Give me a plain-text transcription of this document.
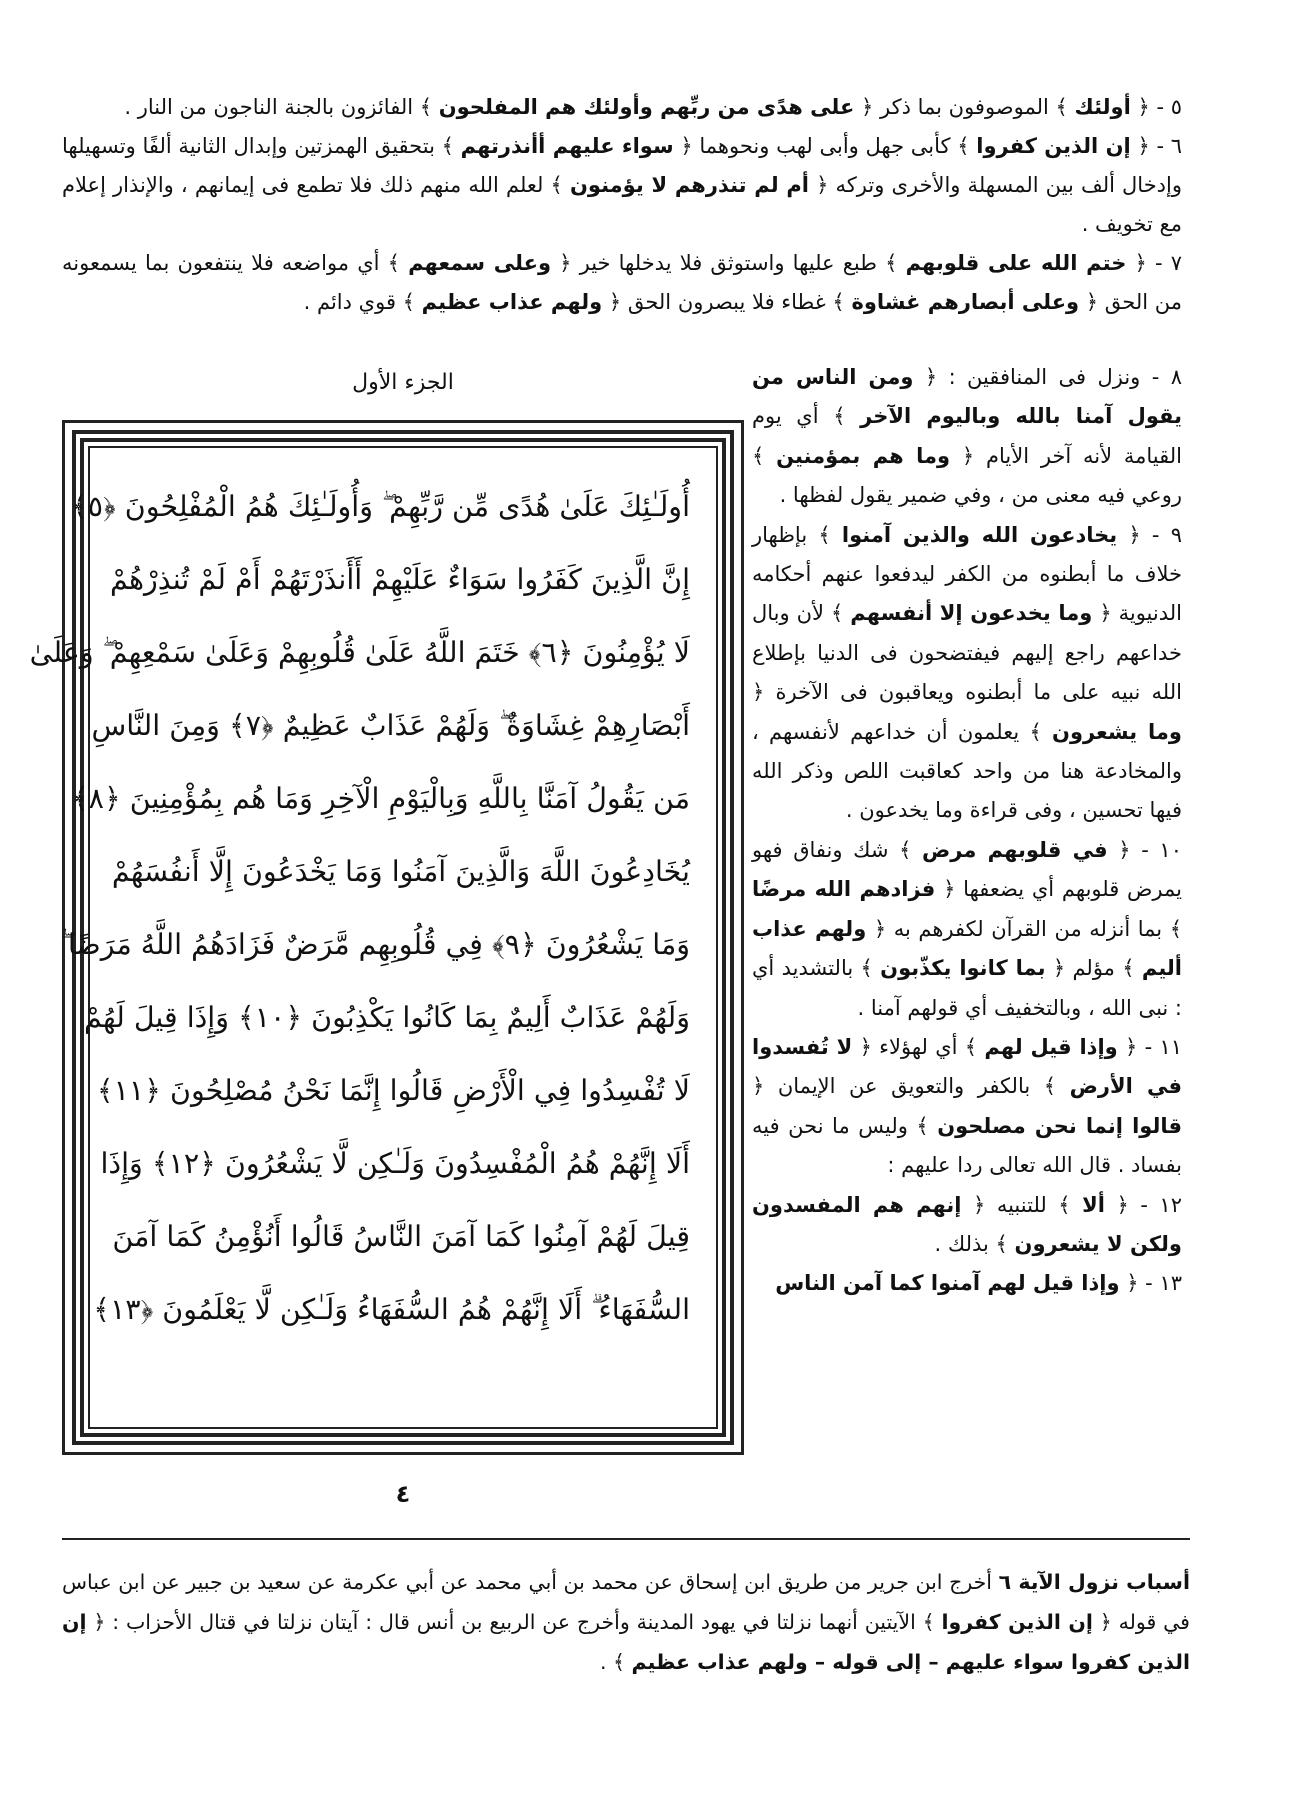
٥ - ﴿ أولئك ﴾ الموصوفون بما ذكر ﴿ على هدًى من ربِّهم وأولئك هم المفلحون ﴾ الفائزون بالجنة الناجون من النار .

٦ - ﴿ إن الذين كفروا ﴾ كأبى جهل وأبى لهب ونحوهما ﴿ سواء عليهم أأنذرتهم ﴾ بتحقيق الهمزتين وإبدال الثانية ألفًا وتسهيلها وإدخال ألف بين المسهلة والأخرى وتركه ﴿ أم لم تنذرهم لا يؤمنون ﴾ لعلم الله منهم ذلك فلا تطمع فى إيمانهم ، والإنذار إعلام مع تخويف .

٧ - ﴿ ختم الله على قلوبهم ﴾ طبع عليها واستوثق فلا يدخلها خير ﴿ وعلى سمعهم ﴾ أي مواضعه فلا ينتفعون بما يسمعونه من الحق ﴿ وعلى أبصارهم غشاوة ﴾ غطاء فلا يبصرون الحق ﴿ ولهم عذاب عظيم ﴾ قوي دائم .

الجزء الأول
أُولَـٰئِكَ عَلَىٰ هُدًى مِّن رَّبِّهِمْ ۖ وَأُولَـٰئِكَ هُمُ الْمُفْلِحُونَ ﴿٥﴾
إِنَّ الَّذِينَ كَفَرُوا سَوَاءٌ عَلَيْهِمْ أَأَنذَرْتَهُمْ أَمْ لَمْ تُنذِرْهُمْ
لَا يُؤْمِنُونَ ﴿٦﴾ خَتَمَ اللَّهُ عَلَىٰ قُلُوبِهِمْ وَعَلَىٰ سَمْعِهِمْ ۖ وَعَلَىٰ
أَبْصَارِهِمْ غِشَاوَةٌ ۖ وَلَهُمْ عَذَابٌ عَظِيمٌ ﴿٧﴾ وَمِنَ النَّاسِ
مَن يَقُولُ آمَنَّا بِاللَّهِ وَبِالْيَوْمِ الْآخِرِ وَمَا هُم بِمُؤْمِنِينَ ﴿٨﴾
يُخَادِعُونَ اللَّهَ وَالَّذِينَ آمَنُوا وَمَا يَخْدَعُونَ إِلَّا أَنفُسَهُمْ
وَمَا يَشْعُرُونَ ﴿٩﴾ فِي قُلُوبِهِم مَّرَضٌ فَزَادَهُمُ اللَّهُ مَرَضًا ۖ
وَلَهُمْ عَذَابٌ أَلِيمٌ بِمَا كَانُوا يَكْذِبُونَ ﴿١٠﴾ وَإِذَا قِيلَ لَهُمْ
لَا تُفْسِدُوا فِي الْأَرْضِ قَالُوا إِنَّمَا نَحْنُ مُصْلِحُونَ ﴿١١﴾
أَلَا إِنَّهُمْ هُمُ الْمُفْسِدُونَ وَلَـٰكِن لَّا يَشْعُرُونَ ﴿١٢﴾ وَإِذَا
قِيلَ لَهُمْ آمِنُوا كَمَا آمَنَ النَّاسُ قَالُوا أَنُؤْمِنُ كَمَا آمَنَ
السُّفَهَاءُ ۗ أَلَا إِنَّهُمْ هُمُ السُّفَهَاءُ وَلَـٰكِن لَّا يَعْلَمُونَ ﴿١٣﴾

٨ - ونزل فى المنافقين : ﴿ ومن الناس من يقول آمنا بالله وباليوم الآخر ﴾ أي يوم القيامة لأنه آخر الأيام ﴿ وما هم بمؤمنين ﴾ روعي فيه معنى من ، وفي ضمير يقول لفظها .

٩ - ﴿ يخادعون الله والذين آمنوا ﴾ بإظهار خلاف ما أبطنوه من الكفر ليدفعوا عنهم أحكامه الدنيوية ﴿ وما يخدعون إلا أنفسهم ﴾ لأن وبال خداعهم راجع إليهم فيفتضحون فى الدنيا بإطلاع الله نبيه على ما أبطنوه ويعاقبون فى الآخرة ﴿ وما يشعرون ﴾ يعلمون أن خداعهم لأنفسهم ، والمخادعة هنا من واحد كعاقبت اللص وذكر الله فيها تحسين ، وفى قراءة وما يخدعون .

١٠ - ﴿ في قلوبهم مرض ﴾ شك ونفاق فهو يمرض قلوبهم أي يضعفها ﴿ فزادهم الله مرضًا ﴾ بما أنزله من القرآن لكفرهم به ﴿ ولهم عذاب أليم ﴾ مؤلم ﴿ بما كانوا يكذّبون ﴾ بالتشديد أي : نبى الله ، وبالتخفيف أي قولهم آمنا .

١١ - ﴿ وإذا قيل لهم ﴾ أي لهؤلاء ﴿ لا تُفسدوا في الأرض ﴾ بالكفر والتعويق عن الإيمان ﴿ قالوا إنما نحن مصلحون ﴾ وليس ما نحن فيه بفساد . قال الله تعالى ردا عليهم :

١٢ - ﴿ ألا ﴾ للتنبيه ﴿ إنهم هم المفسدون ولكن لا يشعرون ﴾ بذلك .

١٣ - ﴿ وإذا قيل لهم آمنوا كما آمن الناس

٤

أسباب نزول الآية ٦ أخرج ابن جرير من طريق ابن إسحاق عن محمد بن أبي محمد عن أبي عكرمة عن سعيد بن جبير عن ابن عباس في قوله ﴿ إن الذين كفروا ﴾ الآيتين أنهما نزلتا في يهود المدينة وأخرج عن الربيع بن أنس قال : آيتان نزلتا في قتال الأحزاب : ﴿ إن الذين كفروا سواء عليهم – إلى قوله – ولهم عذاب عظيم ﴾ .
